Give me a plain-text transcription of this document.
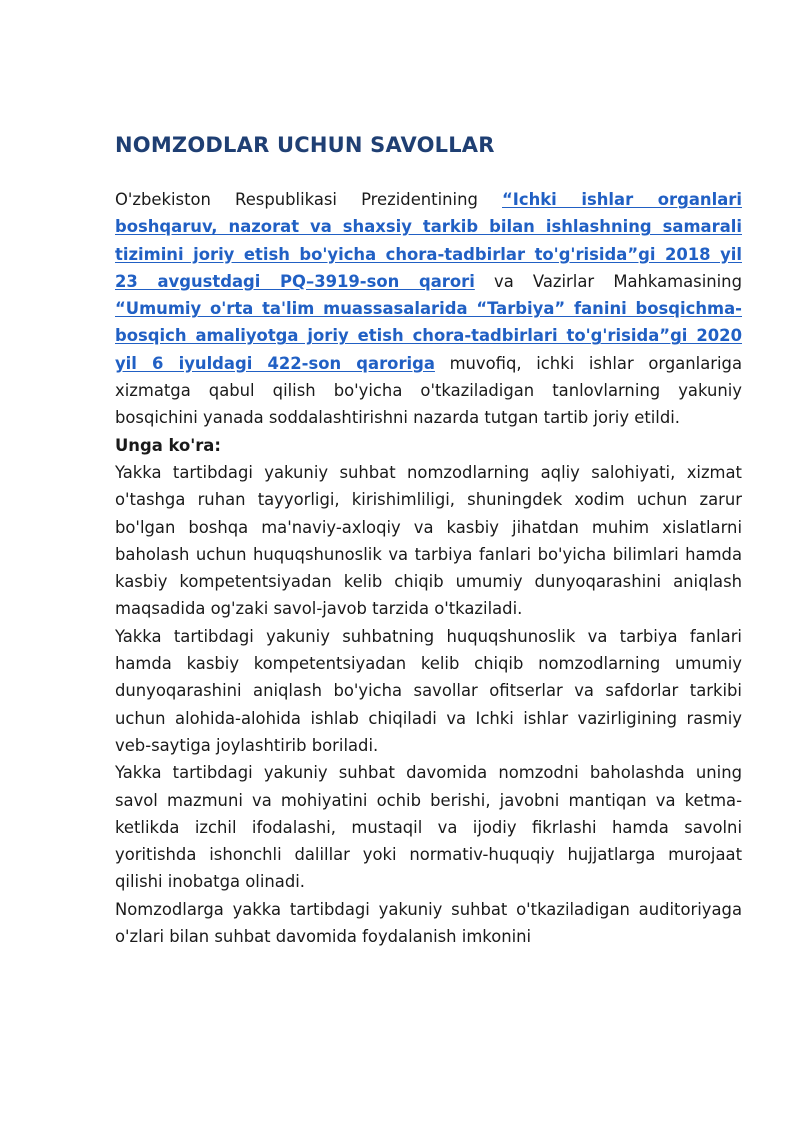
NOMZODLAR UCHUN SAVOLLAR

O'zbekiston Respublikasi Prezidentining “Ichki ishlar organlari boshqaruv, nazorat va shaxsiy tarkib bilan ishlashning samarali tizimini joriy etish bo'yicha chora-tadbirlar to'g'risida”gi 2018 yil 23 avgustdagi PQ–3919-son qarori va Vazirlar Mahkamasining “Umumiy o'rta ta'lim muassasalarida “Tarbiya” fanini bosqichma-bosqich amaliyotga joriy etish chora-tadbirlari to'g'risida”gi 2020 yil 6 iyuldagi 422-son qaroriga muvofiq, ichki ishlar organlariga xizmatga qabul qilish bo'yicha o'tkaziladigan tanlovlarning yakuniy bosqichini yanada soddalashtirishni nazarda tutgan tartib joriy etildi.

Unga ko'ra:

Yakka tartibdagi yakuniy suhbat nomzodlarning aqliy salohiyati, xizmat o'tashga ruhan tayyorligi, kirishimliligi, shuningdek xodim uchun zarur bo'lgan boshqa ma'naviy-axloqiy va kasbiy jihatdan muhim xislatlarni baholash uchun huquqshunoslik va tarbiya fanlari bo'yicha bilimlari hamda kasbiy kompetentsiyadan kelib chiqib umumiy dunyoqarashini aniqlash maqsadida og'zaki savol-javob tarzida o'tkaziladi.

Yakka tartibdagi yakuniy suhbatning huquqshunoslik va tarbiya fanlari hamda kasbiy kompetentsiyadan kelib chiqib nomzodlarning umumiy dunyoqarashini aniqlash bo'yicha savollar ofitserlar va safdorlar tarkibi uchun alohida-alohida ishlab chiqiladi va Ichki ishlar vazirligining rasmiy veb-saytiga joylashtirib boriladi.

Yakka tartibdagi yakuniy suhbat davomida nomzodni baholashda uning savol mazmuni va mohiyatini ochib berishi, javobni mantiqan va ketma-ketlikda izchil ifodalashi, mustaqil va ijodiy fikrlashi hamda savolni yoritishda ishonchli dalillar yoki normativ-huquqiy hujjatlarga murojaat qilishi inobatga olinadi.

Nomzodlarga yakka tartibdagi yakuniy suhbat o'tkaziladigan auditoriyaga o'zlari bilan suhbat davomida foydalanish imkonini
